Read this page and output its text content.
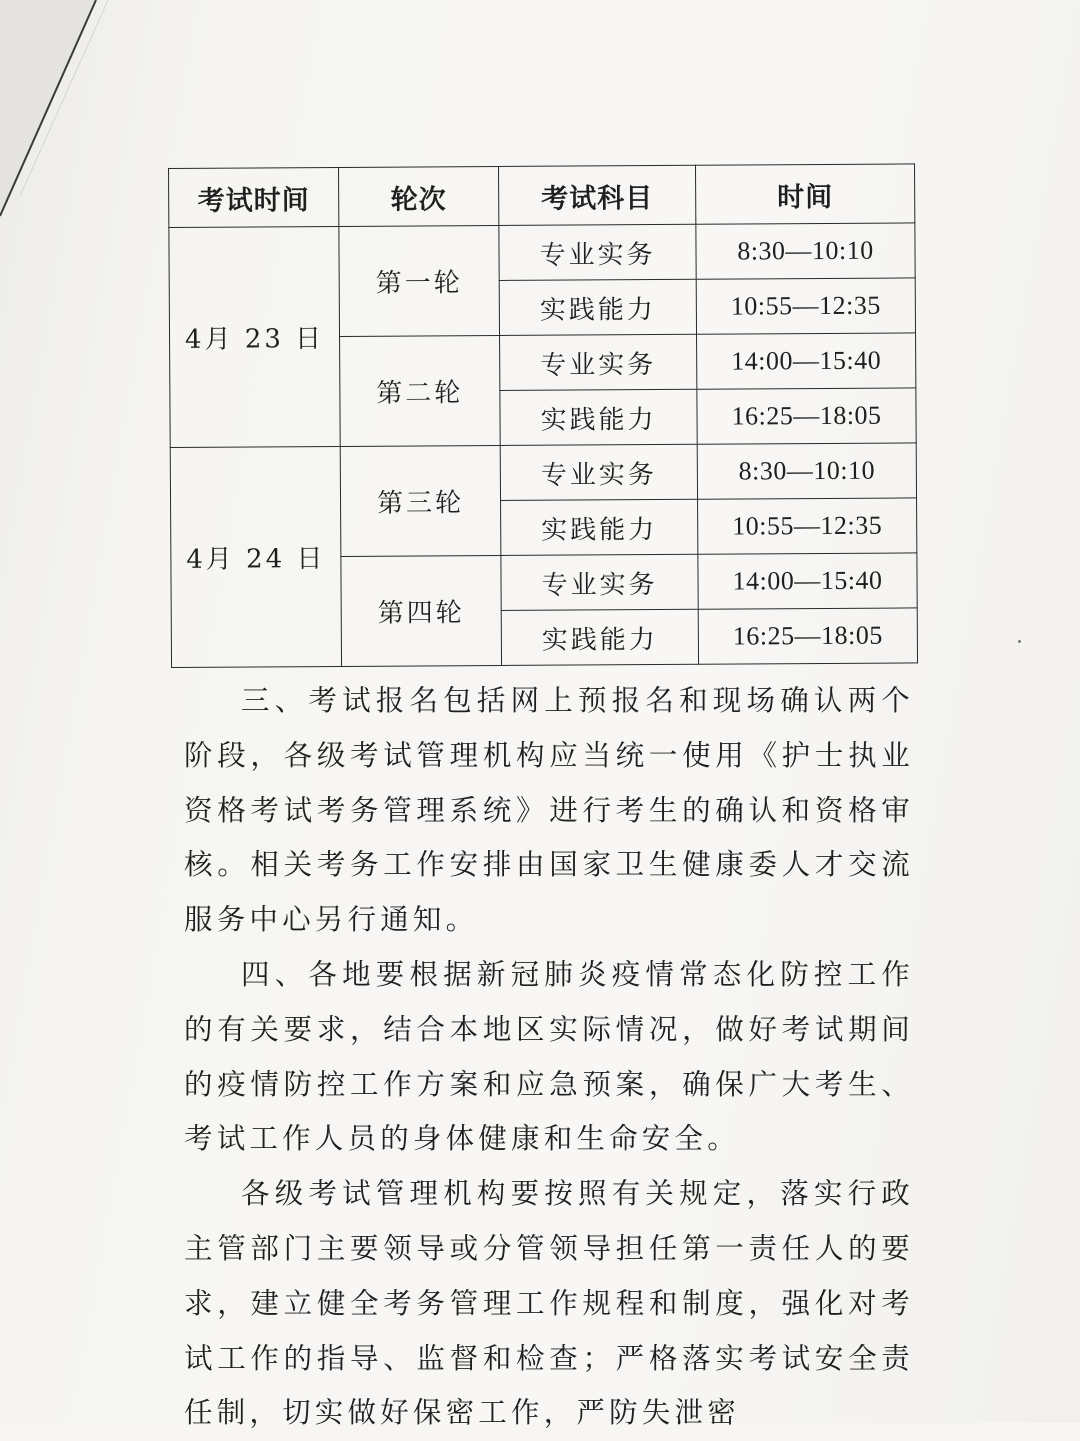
考试时间	轮次	考试科目	时间
4月 23 日	第一轮	专业实务	8:30—10:10
		实践能力	10:55—12:35
	第二轮	专业实务	14:00—15:40
		实践能力	16:25—18:05
4月 24 日	第三轮	专业实务	8:30—10:10
		实践能力	10:55—12:35
	第四轮	专业实务	14:00—15:40
		实践能力	16:25—18:05

三、考试报名包括网上预报名和现场确认两个阶段，各级考试管理机构应当统一使用《护士执业资格考试考务管理系统》进行考生的确认和资格审核。相关考务工作安排由国家卫生健康委人才交流服务中心另行通知。

四、各地要根据新冠肺炎疫情常态化防控工作的有关要求，结合本地区实际情况，做好考试期间的疫情防控工作方案和应急预案，确保广大考生、考试工作人员的身体健康和生命安全。

各级考试管理机构要按照有关规定，落实行政主管部门主要领导或分管领导担任第一责任人的要求，建立健全考务管理工作规程和制度，强化对考试工作的指导、监督和检查；严格落实考试安全责任制，切实做好保密工作，严防失泄密
